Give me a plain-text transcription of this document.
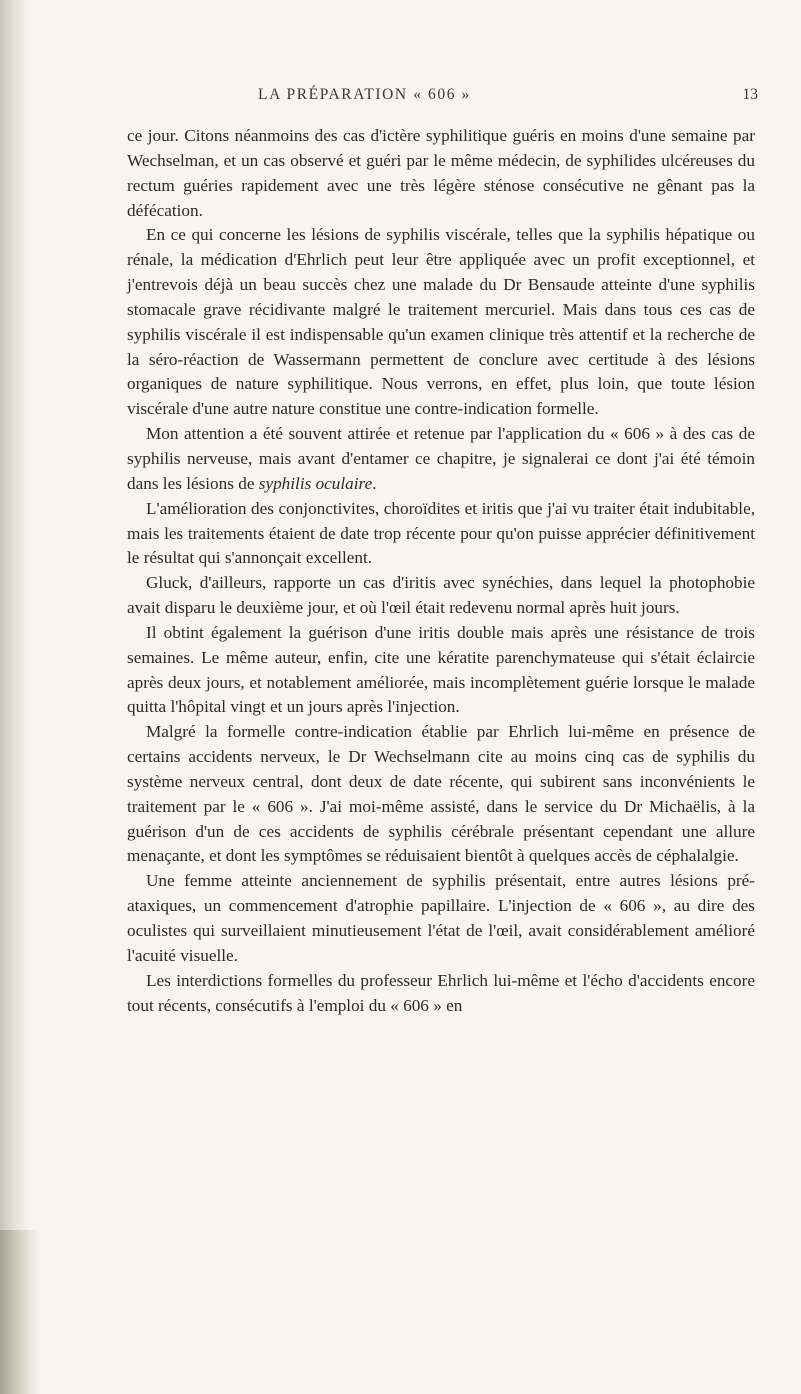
LA PRÉPARATION « 606 »	13

ce jour. Citons néanmoins des cas d'ictère syphilitique guéris en moins d'une semaine par Wechselman, et un cas observé et guéri par le même médecin, de syphilides ulcéreuses du rectum guéries rapidement avec une très légère sténose consécutive ne gênant pas la défécation.

En ce qui concerne les lésions de syphilis viscérale, telles que la syphilis hépatique ou rénale, la médication d'Ehrlich peut leur être appliquée avec un profit exceptionnel, et j'entrevois déjà un beau succès chez une malade du Dr Bensaude atteinte d'une syphilis stomacale grave récidivante malgré le traitement mercuriel. Mais dans tous ces cas de syphilis viscérale il est indispensable qu'un examen clinique très attentif et la recherche de la séro-réaction de Wassermann permettent de conclure avec certitude à des lésions organiques de nature syphilitique. Nous verrons, en effet, plus loin, que toute lésion viscérale d'une autre nature constitue une contre-indication formelle.

Mon attention a été souvent attirée et retenue par l'application du « 606 » à des cas de syphilis nerveuse, mais avant d'entamer ce chapitre, je signalerai ce dont j'ai été témoin dans les lésions de syphilis oculaire.

L'amélioration des conjonctivites, choroïdites et iritis que j'ai vu traiter était indubitable, mais les traitements étaient de date trop récente pour qu'on puisse apprécier définitivement le résultat qui s'annonçait excellent.

Gluck, d'ailleurs, rapporte un cas d'iritis avec synéchies, dans lequel la photophobie avait disparu le deuxième jour, et où l'œil était redevenu normal après huit jours.

Il obtint également la guérison d'une iritis double mais après une résistance de trois semaines. Le même auteur, enfin, cite une kératite parenchymateuse qui s'était éclaircie après deux jours, et notablement améliorée, mais incomplètement guérie lorsque le malade quitta l'hôpital vingt et un jours après l'injection.

Malgré la formelle contre-indication établie par Ehrlich lui-même en présence de certains accidents nerveux, le Dr Wechselmann cite au moins cinq cas de syphilis du système nerveux central, dont deux de date récente, qui subirent sans inconvénients le traitement par le « 606 ». J'ai moi-même assisté, dans le service du Dr Michaëlis, à la guérison d'un de ces accidents de syphilis cérébrale présentant cependant une allure menaçante, et dont les symptômes se réduisaient bientôt à quelques accès de céphalalgie.

Une femme atteinte anciennement de syphilis présentait, entre autres lésions pré-ataxiques, un commencement d'atrophie papillaire. L'injection de « 606 », au dire des oculistes qui surveillaient minutieusement l'état de l'œil, avait considérablement amélioré l'acuité visuelle.

Les interdictions formelles du professeur Ehrlich lui-même et l'écho d'accidents encore tout récents, consécutifs à l'emploi du « 606 » en
